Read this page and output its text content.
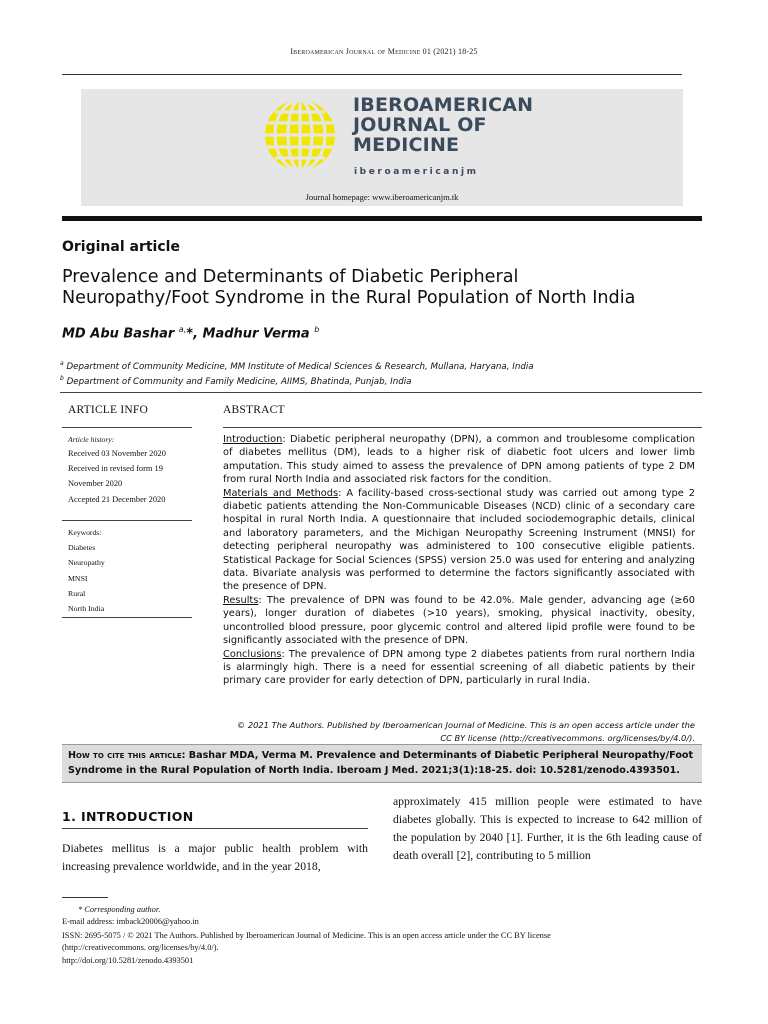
Iberoamerican Journal of Medicine 01 (2021) 18-25
IBEROAMERICAN
JOURNAL OF
MEDICINE
iberoamericanjm
Journal homepage: www.iberoamericanjm.tk
Original article
Prevalence and Determinants of Diabetic Peripheral
Neuropathy/Foot Syndrome in the Rural Population of North India
MD Abu Bashar $^{a,}$*, Madhur Verma $^b$
$^a$ Department of Community Medicine, MM Institute of Medical Sciences & Research, Mullana, Haryana, India
$^b$ Department of Community and Family Medicine, AIIMS, Bhatinda, Punjab, India
ARTICLE INFO	ABSTRACT
Article history:
Received 03 November 2020
Received in revised form 19
November 2020
Accepted 21 December 2020
Keywords:
Diabetes
Neuropathy
MNSI
Rural
North India

Introduction: Diabetic peripheral neuropathy (DPN), a common and troublesome complication of diabetes mellitus (DM), leads to a higher risk of diabetic foot ulcers and lower limb amputation. This study aimed to assess the prevalence of DPN among patients of type 2 DM from rural North India and associated risk factors for the condition.

Materials and Methods: A facility-based cross-sectional study was carried out among type 2 diabetic patients attending the Non-Communicable Diseases (NCD) clinic of a secondary care hospital in rural North India. A questionnaire that included sociodemographic details, clinical and laboratory parameters, and the Michigan Neuropathy Screening Instrument (MNSI) for detecting peripheral neuropathy was administered to 100 consecutive eligible patients. Statistical Package for Social Sciences (SPSS) version 25.0 was used for entering and analyzing data. Bivariate analysis was performed to determine the factors significantly associated with the presence of DPN.

Results: The prevalence of DPN was found to be 42.0%. Male gender, advancing age (≥60 years), longer duration of diabetes (>10 years), smoking, physical inactivity, obesity, uncontrolled blood pressure, poor glycemic control and altered lipid profile were found to be significantly associated with the presence of DPN.

Conclusions: The prevalence of DPN among type 2 diabetes patients from rural northern India is alarmingly high. There is a need for essential screening of all diabetic patients by their primary care provider for early detection of DPN, particularly in rural India.

© 2021 The Authors. Published by Iberoamerican Journal of Medicine. This is an open access article under the
CC BY license (http://creativecommons. org/licenses/by/4.0/).
How to cite this article: Bashar MDA, Verma M. Prevalence and Determinants of Diabetic Peripheral Neuropathy/Foot Syndrome in the Rural Population of North India. Iberoam J Med. 2021;3(1):18-25. doi: 10.5281/zenodo.4393501.
1. INTRODUCTION
Diabetes mellitus is a major public health problem with increasing prevalence worldwide, and in the year 2018,
approximately 415 million people were estimated to have diabetes globally. This is expected to increase to 642 million of the population by 2040 [1]. Further, it is the 6th leading cause of death overall [2], contributing to 5 million
* Corresponding author.
E-mail address: imback20006@yahoo.in
ISSN: 2695-5075 / © 2021 The Authors. Published by Iberoamerican Journal of Medicine. This is an open access article under the CC BY license
(http://creativecommons. org/licenses/by/4.0/).
http://doi.org/10.5281/zenodo.4393501
